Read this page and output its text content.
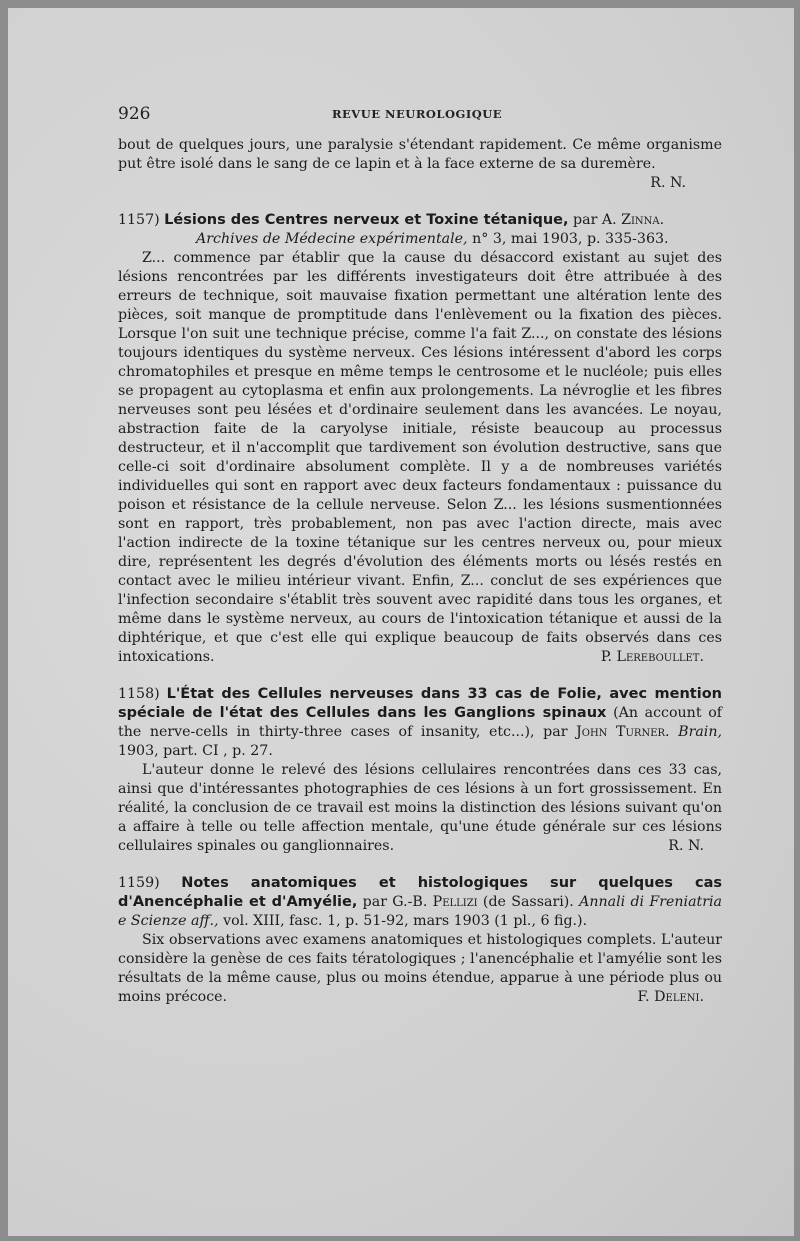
926	REVUE NEUROLOGIQUE

bout de quelques jours, une paralysie s'étendant rapidement. Ce même organisme put être isolé dans le sang de ce lapin et à la face externe de sa duremère.

R. N.

1157) Lésions des Centres nerveux et Toxine tétanique, par A. Zinna.

Archives de Médecine expérimentale, n° 3, mai 1903, p. 335-363.

Z... commence par établir que la cause du désaccord existant au sujet des lésions rencontrées par les différents investigateurs doit être attribuée à des erreurs de technique, soit mauvaise fixation permettant une altération lente des pièces, soit manque de promptitude dans l'enlèvement ou la fixation des pièces. Lorsque l'on suit une technique précise, comme l'a fait Z..., on constate des lésions toujours identiques du système nerveux. Ces lésions intéressent d'abord les corps chromatophiles et presque en même temps le centrosome et le nucléole; puis elles se propagent au cytoplasma et enfin aux prolongements. La névroglie et les fibres nerveuses sont peu lésées et d'ordinaire seulement dans les avancées. Le noyau, abstraction faite de la caryolyse initiale, résiste beaucoup au processus destructeur, et il n'accomplit que tardivement son évolution destructive, sans que celle-ci soit d'ordinaire absolument complète. Il y a de nombreuses variétés individuelles qui sont en rapport avec deux facteurs fondamentaux : puissance du poison et résistance de la cellule nerveuse. Selon Z... les lésions susmentionnées sont en rapport, très probablement, non pas avec l'action directe, mais avec l'action indirecte de la toxine tétanique sur les centres nerveux ou, pour mieux dire, représentent les degrés d'évolution des éléments morts ou lésés restés en contact avec le milieu intérieur vivant. Enfin, Z... conclut de ses expériences que l'infection secondaire s'établit très souvent avec rapidité dans tous les organes, et même dans le système nerveux, au cours de l'intoxication tétanique et aussi de la diphtérique, et que c'est elle qui explique beaucoup de faits observés dans ces intoxications.	P. Lereboullet.

1158) L'État des Cellules nerveuses dans 33 cas de Folie, avec mention spéciale de l'état des Cellules dans les Ganglions spinaux (An account of the nerve-cells in thirty-three cases of insanity, etc...), par John Turner. Brain, 1903, part. CI , p. 27.

L'auteur donne le relevé des lésions cellulaires rencontrées dans ces 33 cas, ainsi que d'intéressantes photographies de ces lésions à un fort grossissement. En réalité, la conclusion de ce travail est moins la distinction des lésions suivant qu'on a affaire à telle ou telle affection mentale, qu'une étude générale sur ces lésions cellulaires spinales ou ganglionnaires.	R. N.

1159) Notes anatomiques et histologiques sur quelques cas d'Anencéphalie et d'Amyélie, par G.-B. Pellizi (de Sassari). Annali di Freniatria e Scienze aff., vol. XIII, fasc. 1, p. 51-92, mars 1903 (1 pl., 6 fig.).

Six observations avec examens anatomiques et histologiques complets. L'auteur considère la genèse de ces faits tératologiques ; l'anencéphalie et l'amyélie sont les résultats de la même cause, plus ou moins étendue, apparue à une période plus ou moins précoce.	F. Deleni.
